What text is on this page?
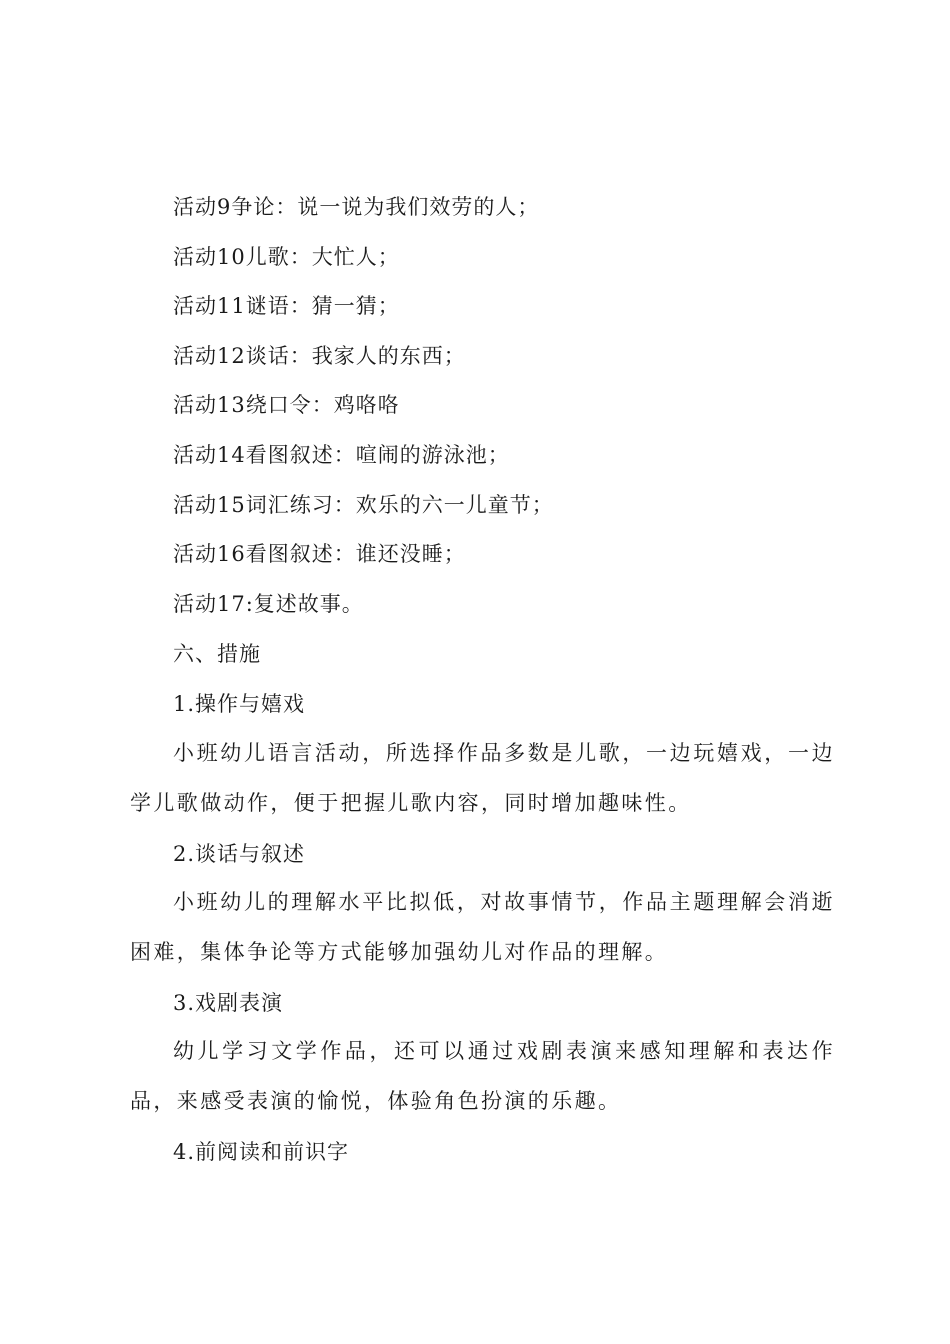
活动9争论：说一说为我们效劳的人；
活动10儿歌：大忙人；
活动11谜语：猜一猜；
活动12谈话：我家人的东西；
活动13绕口令：鸡咯咯
活动14看图叙述：喧闹的游泳池；
活动15词汇练习：欢乐的六一儿童节；
活动16看图叙述：谁还没睡；
活动17:复述故事。
六、措施
1.操作与嬉戏
小班幼儿语言活动，所选择作品多数是儿歌，一边玩嬉戏，一边学儿歌做动作，便于把握儿歌内容，同时增加趣味性。
2.谈话与叙述
小班幼儿的理解水平比拟低，对故事情节，作品主题理解会消逝困难，集体争论等方式能够加强幼儿对作品的理解。
3.戏剧表演
幼儿学习文学作品，还可以通过戏剧表演来感知理解和表达作品，来感受表演的愉悦，体验角色扮演的乐趣。
4.前阅读和前识字
